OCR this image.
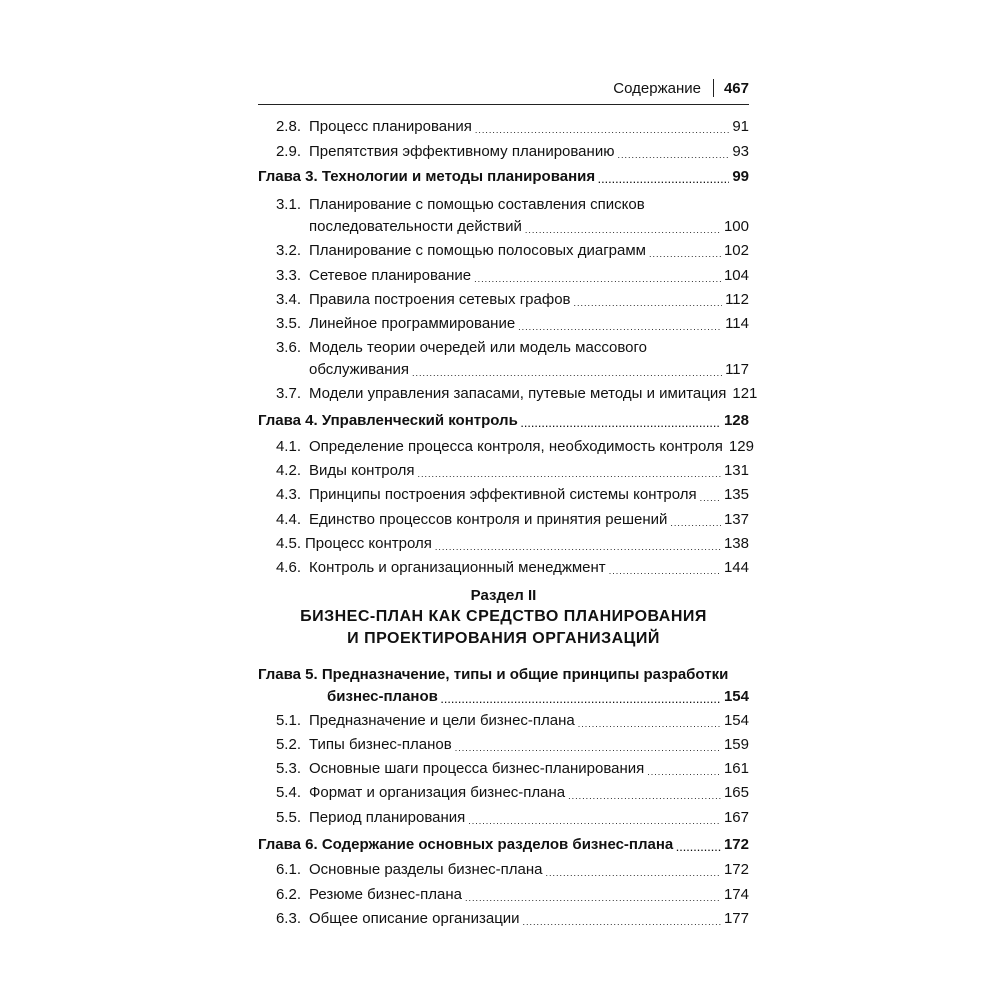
Содержание 467
2.8. Процесс планирования .....	91
2.9. Препятствия эффективному планированию .....	93
Глава 3. Технологии и методы планирования .....	99
3.1. Планирование с помощью составления списков
последовательности действий .....	100
3.2. Планирование с помощью полосовых диаграмм .....	102
3.3. Сетевое планирование .....	104
3.4. Правила построения сетевых графов .....	112
3.5. Линейное программирование .....	114
3.6. Модель теории очередей или модель массового
обслуживания .....	117
3.7. Модели управления запасами, путевые методы и имитация 121
Глава 4. Управленческий контроль .....	128
4.1. Определение процесса контроля, необходимость контроля 129
4.2. Виды контроля .....	131
4.3. Принципы построения эффективной системы контроля ..... 135
4.4. Единство процессов контроля и принятия решений .....	137
4.5. Процесс контроля .....	138
4.6. Контроль и организационный менеджмент .....	144
Глава 5. Предназначение, типы и общие принципы разработки
бизнес-планов .....	154
5.1. Предназначение и цели бизнес-плана .....	154
5.2. Типы бизнес-планов .....	159
5.3. Основные шаги процесса бизнес-планирования .....	161
5.4. Формат и организация бизнес-плана .....	165
5.5. Период планирования .....	167
Глава 6. Содержание основных разделов бизнес-плана .....	172
6.1. Основные разделы бизнес-плана .....	172
6.2. Резюме бизнес-плана .....	174
6.3. Общее описание организации .....	177
Раздел II
БИЗНЕС-ПЛАН КАК СРЕДСТВО ПЛАНИРОВАНИЯ
И ПРОЕКТИРОВАНИЯ ОРГАНИЗАЦИЙ
